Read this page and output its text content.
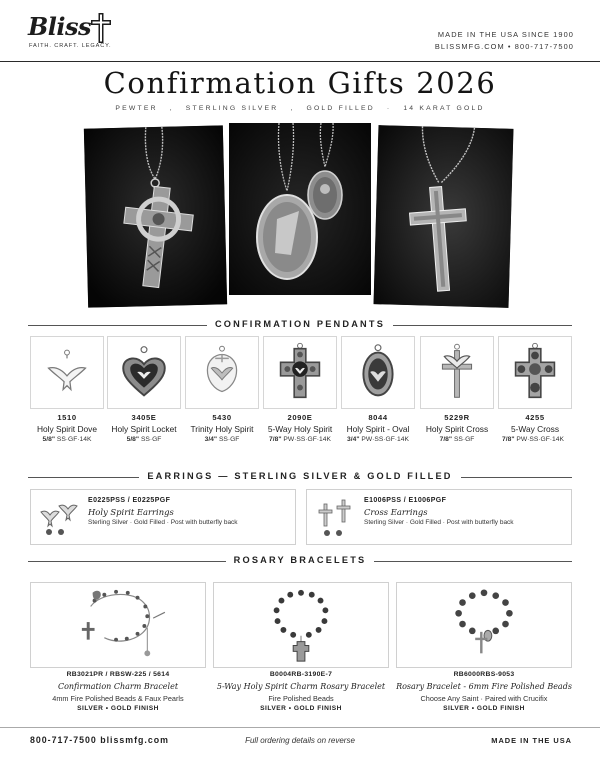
Bliss
FAITH. CRAFT. LEGACY.
MADE IN THE USA SINCE 1900
BLISSMFG.COM • 800-717-7500
Confirmation Gifts 2026
PEWTER , STERLING SILVER , GOLD FILLED · 14 KARAT GOLD
CONFIRMATION PENDANTS
1510
Holy Spirit Dove
5/8" SS·GF·14K
3405E
Holy Spirit Locket
5/8" SS·GF
5430
Trinity Holy Spirit
3/4" SS·GF
2090E
5-Way Holy Spirit
7/8" PW·SS·GF·14K
8044
Holy Spirit - Oval
3/4" PW·SS·GF·14K
5229R
Holy Spirit Cross
7/8" SS·GF
4255
5-Way Cross
7/8" PW·SS·GF·14K
EARRINGS — STERLING SILVER & GOLD FILLED
E0225PSS / E0225PGF
Holy Spirit Earrings
Sterling Silver · Gold Filled · Post with butterfly back
E1006PSS / E1006PGF
Cross Earrings
Sterling Silver · Gold Filled · Post with butterfly back
ROSARY BRACELETS
RB3021PR / RBSW-225 / 5614
Confirmation Charm Bracelet
4mm Fire Polished Beads & Faux Pearls
SILVER • GOLD FINISH
B0004RB-3190E-7
5-Way Holy Spirit Charm Rosary Bracelet
Fire Polished Beads
SILVER • GOLD FINISH
RB6000RBS-9053
Rosary Bracelet - 6mm Fire Polished Beads
Choose Any Saint · Paired with Crucifix
SILVER • GOLD FINISH
800-717-7500 blissmfg.com	Full ordering details on reverse	MADE IN THE USA
